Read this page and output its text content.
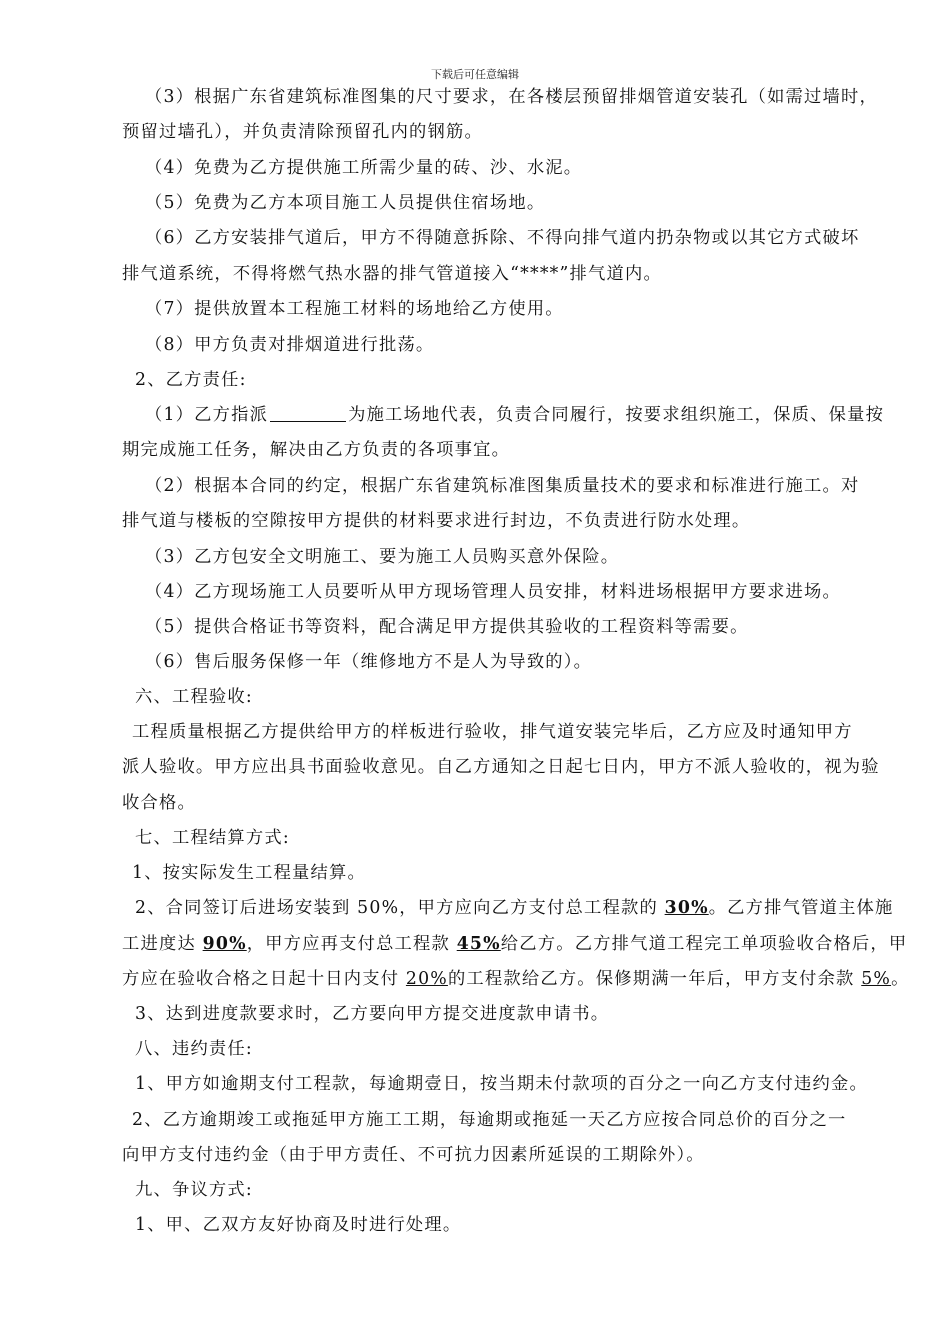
下载后可任意编辑
（3）根据广东省建筑标准图集的尺寸要求，在各楼层预留排烟管道安装孔（如需过墙时，
预留过墙孔），并负责清除预留孔内的钢筋。
（4）免费为乙方提供施工所需少量的砖、沙、水泥。
（5）免费为乙方本项目施工人员提供住宿场地。
（6）乙方安装排气道后，甲方不得随意拆除、不得向排气道内扔杂物或以其它方式破坏
排气道系统，不得将燃气热水器的排气管道接入“****”排气道内。
（7）提供放置本工程施工材料的场地给乙方使用。
（8）甲方负责对排烟道进行批荡。
2、乙方责任:
（1）乙方指派	为施工场地代表，负责合同履行，按要求组织施工，保质、保量按
期完成施工任务，解决由乙方负责的各项事宜。
（2）根据本合同的约定，根据广东省建筑标准图集质量技术的要求和标准进行施工。对
排气道与楼板的空隙按甲方提供的材料要求进行封边，不负责进行防水处理。
（3）乙方包安全文明施工、要为施工人员购买意外保险。
（4）乙方现场施工人员要听从甲方现场管理人员安排，材料进场根据甲方要求进场。
（5）提供合格证书等资料，配合满足甲方提供其验收的工程资料等需要。
（6）售后服务保修一年（维修地方不是人为导致的）。
六、工程验收:
工程质量根据乙方提供给甲方的样板进行验收，排气道安装完毕后，乙方应及时通知甲方
派人验收。甲方应出具书面验收意见。自乙方通知之日起七日内，甲方不派人验收的，视为验
收合格。
七、工程结算方式:
1、按实际发生工程量结算。
2、合同签订后进场安装到 50%，甲方应向乙方支付总工程款的 30%。乙方排气管道主体施
工进度达 90%，甲方应再支付总工程款 45%给乙方。乙方排气道工程完工单项验收合格后，甲
方应在验收合格之日起十日内支付 20%的工程款给乙方。保修期满一年后，甲方支付余款 5%。
3、达到进度款要求时，乙方要向甲方提交进度款申请书。
八、违约责任:
1、甲方如逾期支付工程款，每逾期壹日，按当期未付款项的百分之一向乙方支付违约金。
2、乙方逾期竣工或拖延甲方施工工期，每逾期或拖延一天乙方应按合同总价的百分之一
向甲方支付违约金（由于甲方责任、不可抗力因素所延误的工期除外）。
九、争议方式:
1、甲、乙双方友好协商及时进行处理。
